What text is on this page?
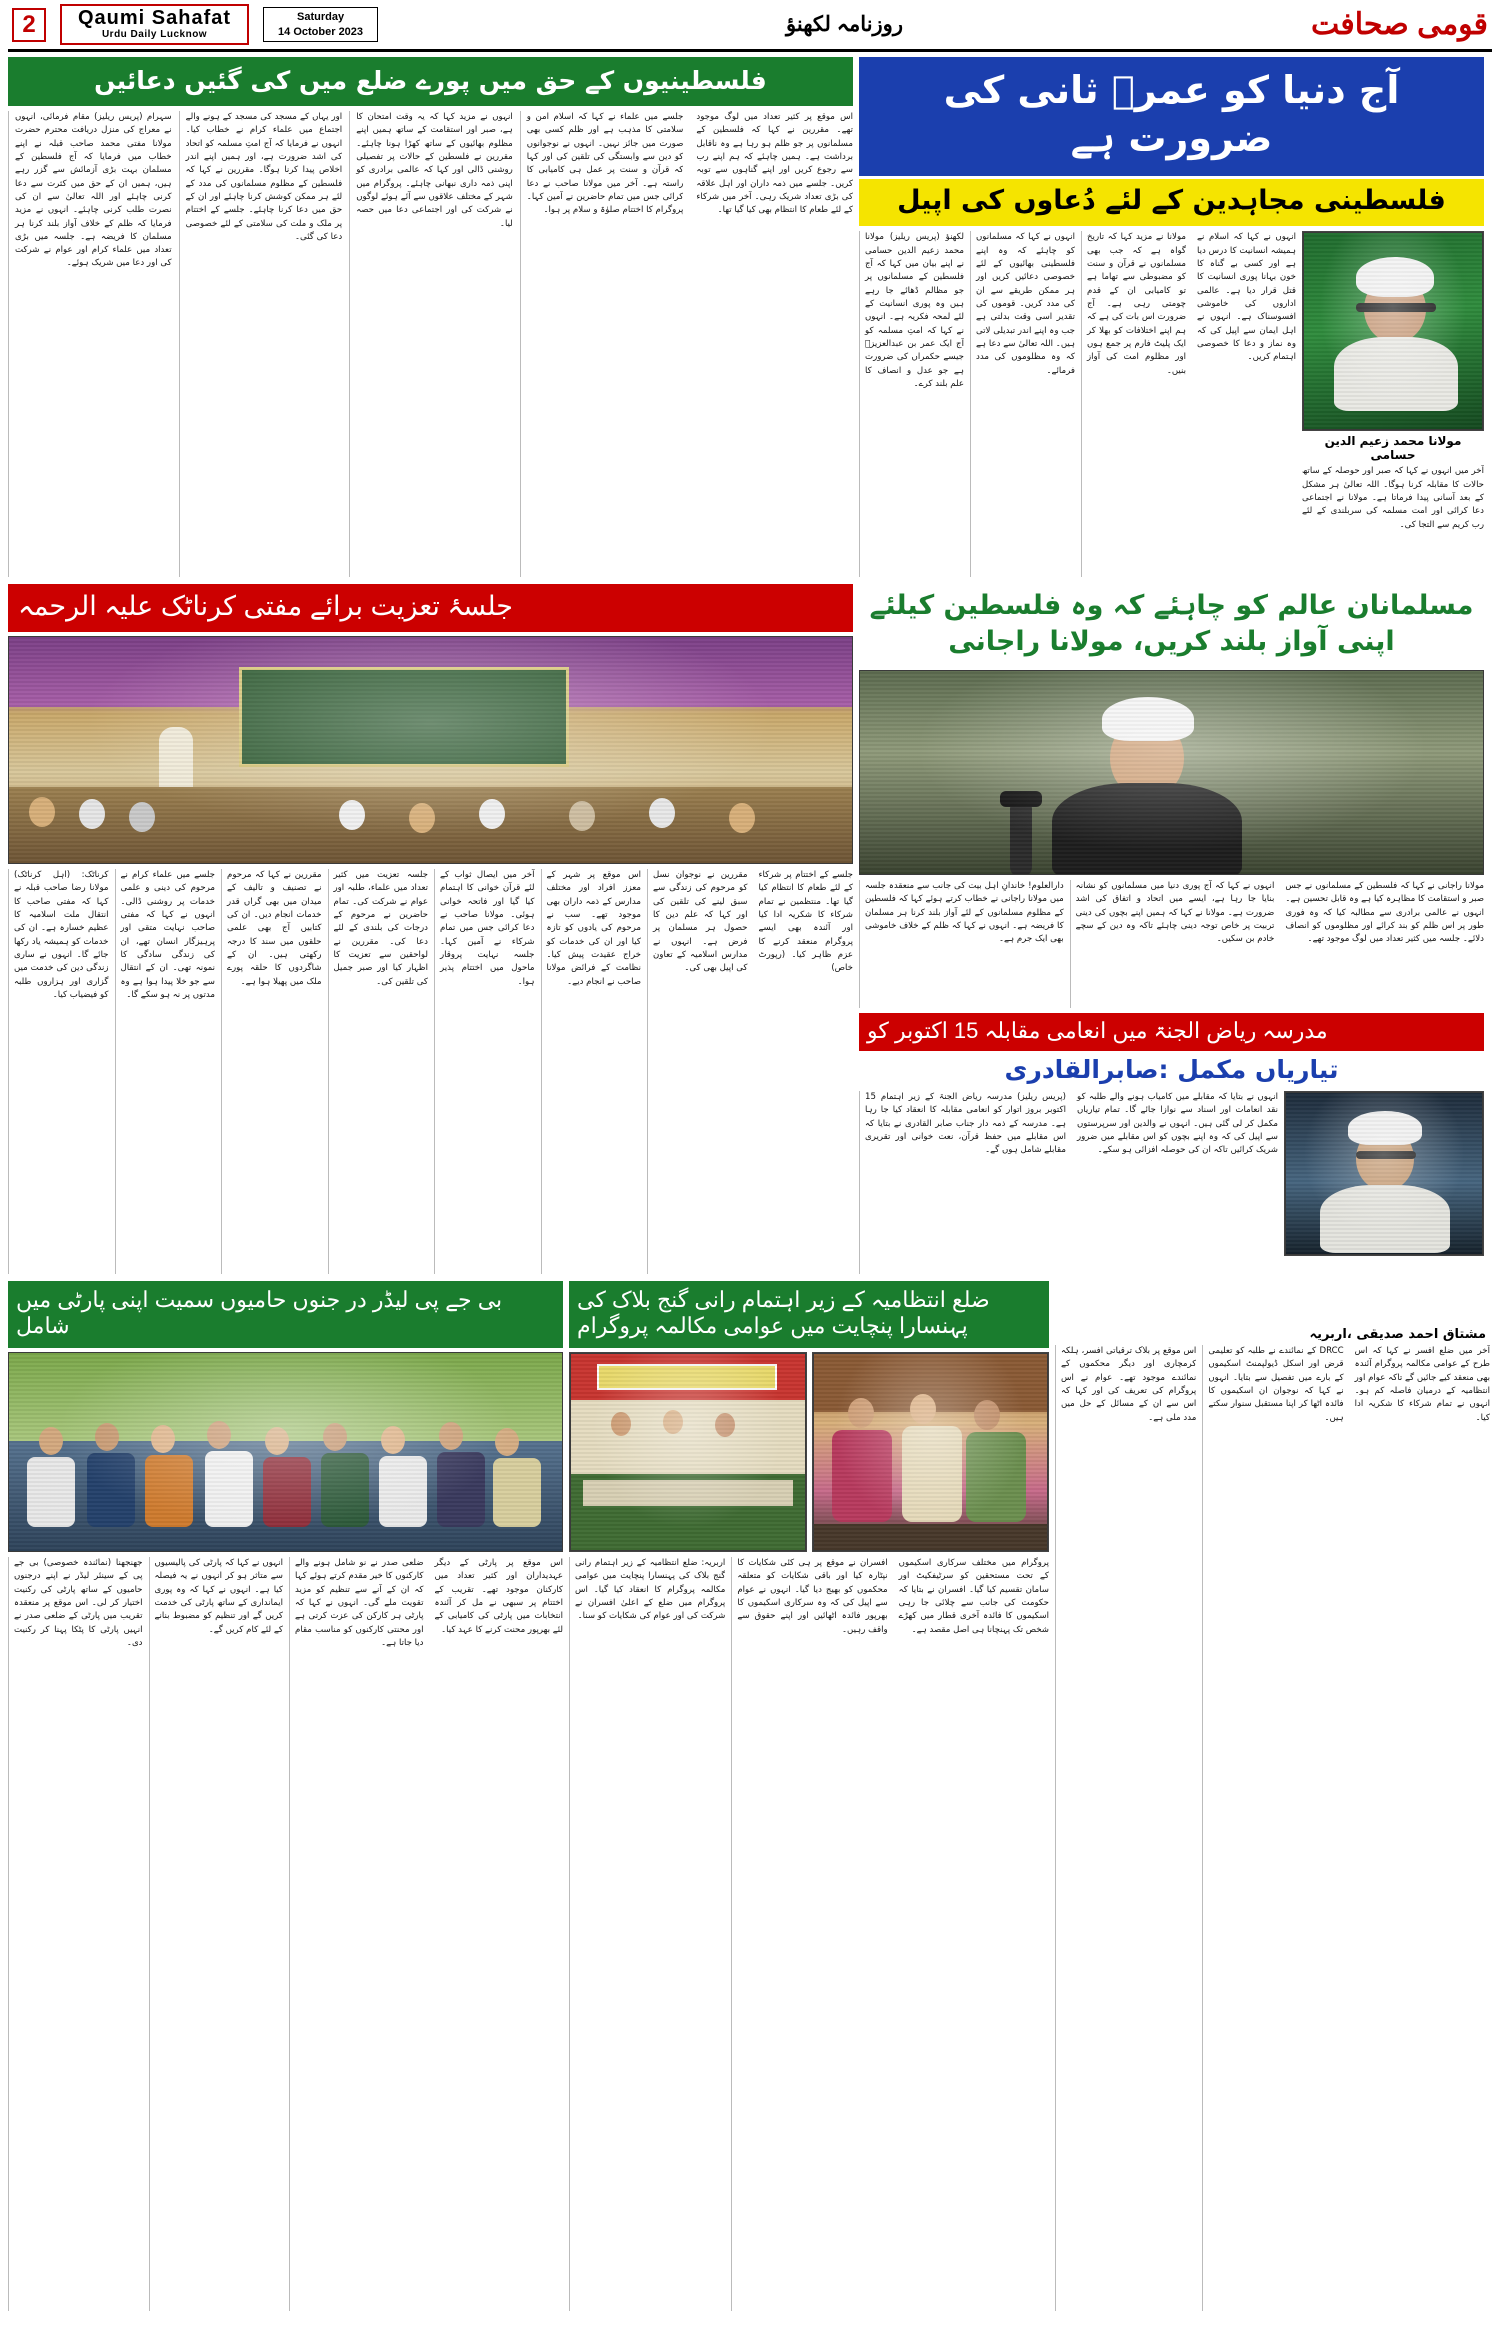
2	Qaumi Sahafat
Urdu Daily Lucknow
Saturday
14 October 2023	روزنامہ لکھنؤ	قومی صحافت
فلسطینیوں کے حق میں پورے ضلع میں کی گئیں دعائیں
سہرام (پریس ریلیز) مقام فرمائی، انہوں نے معراج کی منزل دریافت محترم حضرت مولانا مفتی محمد صاحب قبلہ نے اپنے خطاب میں فرمایا کہ آج فلسطین کے مسلمان بہت بڑی آزمائش سے گزر رہے ہیں، ہمیں ان کے حق میں کثرت سے دعا کرنی چاہئے اور اللہ تعالیٰ سے ان کی نصرت طلب کرنی چاہئے۔ انہوں نے مزید فرمایا کہ ظلم کے خلاف آواز بلند کرنا ہر مسلمان کا فریضہ ہے۔ جلسہ میں بڑی تعداد میں علماء کرام اور عوام نے شرکت کی اور دعا میں شریک ہوئے۔
اور یہاں کے مسجد کی مسجد کے ہونے والے اجتماع میں علماء کرام نے خطاب کیا۔ انہوں نے فرمایا کہ آج امتِ مسلمہ کو اتحاد کی اشد ضرورت ہے، اور ہمیں اپنے اندر اخلاص پیدا کرنا ہوگا۔ مقررین نے کہا کہ فلسطین کے مظلوم مسلمانوں کی مدد کے لئے ہر ممکن کوشش کرنا چاہئے اور ان کے حق میں دعا کرنا چاہئے۔ جلسے کے اختتام پر ملک و ملت کی سلامتی کے لئے خصوصی دعا کی گئی۔
انہوں نے مزید کہا کہ یہ وقت امتحان کا ہے، صبر اور استقامت کے ساتھ ہمیں اپنے مظلوم بھائیوں کے ساتھ کھڑا ہونا چاہئے۔ مقررین نے فلسطین کے حالات پر تفصیلی روشنی ڈالی اور کہا کہ عالمی برادری کو اپنی ذمہ داری نبھانی چاہئے۔ پروگرام میں شہر کے مختلف علاقوں سے آئے ہوئے لوگوں نے شرکت کی اور اجتماعی دعا میں حصہ لیا۔
جلسے میں علماء نے کہا کہ اسلام امن و سلامتی کا مذہب ہے اور ظلم کسی بھی صورت میں جائز نہیں۔ انہوں نے نوجوانوں کو دین سے وابستگی کی تلقین کی اور کہا کہ قرآن و سنت پر عمل ہی کامیابی کا راستہ ہے۔ آخر میں مولانا صاحب نے دعا کرائی جس میں تمام حاضرین نے آمین کہا۔ پروگرام کا اختتام صلوٰۃ و سلام پر ہوا۔
اس موقع پر کثیر تعداد میں لوگ موجود تھے۔ مقررین نے کہا کہ فلسطین کے مسلمانوں پر جو ظلم ہو رہا ہے وہ ناقابل برداشت ہے۔ ہمیں چاہئے کہ ہم اپنے رب سے رجوع کریں اور اپنے گناہوں سے توبہ کریں۔ جلسے میں ذمہ داران اور اہل علاقہ کی بڑی تعداد شریک رہی۔ آخر میں شرکاء کے لئے طعام کا انتظام بھی کیا گیا تھا۔
آج دنیا کو عمرؓ ثانی کی ضرورت ہے
فلسطینی مجاہدین کے لئے دُعاوں کی اپیل
لکھنؤ (پریس ریلیز) مولانا محمد زعیم الدین حسامی نے اپنے بیان میں کہا کہ آج فلسطین کے مسلمانوں پر جو مظالم ڈھائے جا رہے ہیں وہ پوری انسانیت کے لئے لمحہ فکریہ ہے۔ انہوں نے کہا کہ امتِ مسلمہ کو آج ایک عمر بن عبدالعزیزؒ جیسے حکمراں کی ضرورت ہے جو عدل و انصاف کا علم بلند کرے۔
انہوں نے کہا کہ مسلمانوں کو چاہئے کہ وہ اپنے فلسطینی بھائیوں کے لئے خصوصی دعائیں کریں اور ہر ممکن طریقے سے ان کی مدد کریں۔ قوموں کی تقدیر اسی وقت بدلتی ہے جب وہ اپنے اندر تبدیلی لاتی ہیں۔ اللہ تعالیٰ سے دعا ہے کہ وہ مظلوموں کی مدد فرمائے۔
مولانا نے مزید کہا کہ تاریخ گواہ ہے کہ جب بھی مسلمانوں نے قرآن و سنت کو مضبوطی سے تھاما ہے تو کامیابی ان کے قدم چومتی رہی ہے۔ آج ضرورت اس بات کی ہے کہ ہم اپنے اختلافات کو بھلا کر ایک پلیٹ فارم پر جمع ہوں اور مظلوم امت کی آواز بنیں۔
انہوں نے کہا کہ اسلام نے ہمیشہ انسانیت کا درس دیا ہے اور کسی بے گناہ کا خون بہانا پوری انسانیت کا قتل قرار دیا ہے۔ عالمی اداروں کی خاموشی افسوسناک ہے۔ انہوں نے اہل ایمان سے اپیل کی کہ وہ نماز و دعا کا خصوصی اہتمام کریں۔
مولانا محمد زعیم الدین حسامی
آخر میں انہوں نے کہا کہ صبر اور حوصلہ کے ساتھ حالات کا مقابلہ کرنا ہوگا۔ اللہ تعالیٰ ہر مشکل کے بعد آسانی پیدا فرماتا ہے۔ مولانا نے اجتماعی دعا کرائی اور امت مسلمہ کی سربلندی کے لئے رب کریم سے التجا کی۔
جلسۂ تعزیت برائے مفتی کرناٹک علیہ الرحمہ
کرناٹک: (اہل کرناٹک) مولانا رضا صاحب قبلہ نے کہا کہ مفتی صاحب کا انتقال ملت اسلامیہ کا عظیم خسارہ ہے۔ ان کی خدمات کو ہمیشہ یاد رکھا جائے گا۔ انہوں نے ساری زندگی دین کی خدمت میں گزاری اور ہزاروں طلبہ کو فیضیاب کیا۔
جلسے میں علماء کرام نے مرحوم کی دینی و علمی خدمات پر روشنی ڈالی۔ انہوں نے کہا کہ مفتی صاحب نہایت متقی اور پرہیزگار انسان تھے، ان کی زندگی سادگی کا نمونہ تھی۔ ان کے انتقال سے جو خلا پیدا ہوا ہے وہ مدتوں پر نہ ہو سکے گا۔
مقررین نے کہا کہ مرحوم نے تصنیف و تالیف کے میدان میں بھی گراں قدر خدمات انجام دیں۔ ان کی کتابیں آج بھی علمی حلقوں میں سند کا درجہ رکھتی ہیں۔ ان کے شاگردوں کا حلقہ پورے ملک میں پھیلا ہوا ہے۔
جلسہ تعزیت میں کثیر تعداد میں علماء، طلبہ اور عوام نے شرکت کی۔ تمام حاضرین نے مرحوم کے درجات کی بلندی کے لئے دعا کی۔ مقررین نے لواحقین سے تعزیت کا اظہار کیا اور صبر جمیل کی تلقین کی۔
آخر میں ایصال ثواب کے لئے قرآن خوانی کا اہتمام کیا گیا اور فاتحہ خوانی ہوئی۔ مولانا صاحب نے دعا کرائی جس میں تمام شرکاء نے آمین کہا۔ جلسہ نہایت پروقار ماحول میں اختتام پذیر ہوا۔
اس موقع پر شہر کے معزز افراد اور مختلف مدارس کے ذمہ داران بھی موجود تھے۔ سب نے مرحوم کی یادوں کو تازہ کیا اور ان کی خدمات کو خراج عقیدت پیش کیا۔ نظامت کے فرائض مولانا صاحب نے انجام دیے۔
مقررین نے نوجوان نسل کو مرحوم کی زندگی سے سبق لینے کی تلقین کی اور کہا کہ علم دین کا حصول ہر مسلمان پر فرض ہے۔ انہوں نے مدارس اسلامیہ کے تعاون کی اپیل بھی کی۔
جلسے کے اختتام پر شرکاء کے لئے طعام کا انتظام کیا گیا تھا۔ منتظمین نے تمام شرکاء کا شکریہ ادا کیا اور آئندہ بھی ایسے پروگرام منعقد کرنے کا عزم ظاہر کیا۔ (رپورٹ خاص)
مسلمانان عالم کو چاہئے کہ وہ فلسطین کیلئے اپنی آواز بلند کریں، مولانا راجانی
دارالعلوم! خاندانِ اہل بیت کی جانب سے منعقدہ جلسہ میں مولانا راجانی نے خطاب کرتے ہوئے کہا کہ فلسطین کے مظلوم مسلمانوں کے لئے آواز بلند کرنا ہر مسلمان کا فریضہ ہے۔ انہوں نے کہا کہ ظلم کے خلاف خاموشی بھی ایک جرم ہے۔
انہوں نے کہا کہ آج پوری دنیا میں مسلمانوں کو نشانہ بنایا جا رہا ہے، ایسے میں اتحاد و اتفاق کی اشد ضرورت ہے۔ مولانا نے کہا کہ ہمیں اپنے بچوں کی دینی تربیت پر خاص توجہ دینی چاہئے تاکہ وہ دین کے سچے خادم بن سکیں۔
مولانا راجانی نے کہا کہ فلسطین کے مسلمانوں نے جس صبر و استقامت کا مظاہرہ کیا ہے وہ قابل تحسین ہے۔ انہوں نے عالمی برادری سے مطالبہ کیا کہ وہ فوری طور پر اس ظلم کو بند کرائے اور مظلوموں کو انصاف دلائے۔ جلسہ میں کثیر تعداد میں لوگ موجود تھے۔
مدرسہ ریاض الجنۃ میں انعامی مقابلہ 15 اکتوبر کو
تیاریاں مکمل :صابرالقادری
(پریس ریلیز) مدرسہ ریاض الجنۃ کے زیر اہتمام 15 اکتوبر بروز اتوار کو انعامی مقابلہ کا انعقاد کیا جا رہا ہے۔ مدرسہ کے ذمہ دار جناب صابر القادری نے بتایا کہ اس مقابلے میں حفظ قرآن، نعت خوانی اور تقریری مقابلے شامل ہوں گے۔
انہوں نے بتایا کہ مقابلے میں کامیاب ہونے والے طلبہ کو نقد انعامات اور اسناد سے نوازا جائے گا۔ تمام تیاریاں مکمل کر لی گئی ہیں۔ انہوں نے والدین اور سرپرستوں سے اپیل کی کہ وہ اپنے بچوں کو اس مقابلے میں ضرور شریک کرائیں تاکہ ان کی حوصلہ افزائی ہو سکے۔
بی جے پی لیڈر در جنوں حامیوں سمیت اپنی پارٹی میں شامل
جھنجھنا (نمائندہ خصوصی) بی جے پی کے سینئر لیڈر نے اپنے درجنوں حامیوں کے ساتھ پارٹی کی رکنیت اختیار کر لی۔ اس موقع پر منعقدہ تقریب میں پارٹی کے ضلعی صدر نے انہیں پارٹی کا پٹکا پہنا کر رکنیت دی۔
انہوں نے کہا کہ پارٹی کی پالیسیوں سے متاثر ہو کر انہوں نے یہ فیصلہ کیا ہے۔ انہوں نے کہا کہ وہ پوری ایمانداری کے ساتھ پارٹی کی خدمت کریں گے اور تنظیم کو مضبوط بنانے کے لئے کام کریں گے۔
ضلعی صدر نے نو شامل ہونے والے کارکنوں کا خیر مقدم کرتے ہوئے کہا کہ ان کے آنے سے تنظیم کو مزید تقویت ملے گی۔ انہوں نے کہا کہ پارٹی ہر کارکن کی عزت کرتی ہے اور محنتی کارکنوں کو مناسب مقام دیا جاتا ہے۔
اس موقع پر پارٹی کے دیگر عہدیداران اور کثیر تعداد میں کارکنان موجود تھے۔ تقریب کے اختتام پر سبھی نے مل کر آئندہ انتخابات میں پارٹی کی کامیابی کے لئے بھرپور محنت کرنے کا عہد کیا۔
ضلع انتظامیہ کے زیر اہتمام رانی گنج بلاک کی پہنسارا پنچایت میں عوامی مکالمہ پروگرام
اربریہ: ضلع انتظامیہ کے زیر اہتمام رانی گنج بلاک کی پہنسارا پنچایت میں عوامی مکالمہ پروگرام کا انعقاد کیا گیا۔ اس پروگرام میں ضلع کے اعلیٰ افسران نے شرکت کی اور عوام کی شکایات کو سنا۔
افسران نے موقع پر ہی کئی شکایات کا نپٹارہ کیا اور باقی شکایات کو متعلقہ محکموں کو بھیج دیا گیا۔ انہوں نے عوام سے اپیل کی کہ وہ سرکاری اسکیموں کا بھرپور فائدہ اٹھائیں اور اپنے حقوق سے واقف رہیں۔
پروگرام میں مختلف سرکاری اسکیموں کے تحت مستحقین کو سرٹیفکیٹ اور سامان تقسیم کیا گیا۔ افسران نے بتایا کہ حکومت کی جانب سے چلائی جا رہی اسکیموں کا فائدہ آخری قطار میں کھڑے شخص تک پہنچانا ہی اصل مقصد ہے۔
مشتاق احمد صدیقی ،اربریہ
اس موقع پر بلاک ترقیاتی افسر، ہلکہ کرمچاری اور دیگر محکموں کے نمائندے موجود تھے۔ عوام نے اس پروگرام کی تعریف کی اور کہا کہ اس سے ان کے مسائل کے حل میں مدد ملی ہے۔
DRCC کے نمائندے نے طلبہ کو تعلیمی قرض اور اسکل ڈیولپمنٹ اسکیموں کے بارے میں تفصیل سے بتایا۔ انہوں نے کہا کہ نوجوان ان اسکیموں کا فائدہ اٹھا کر اپنا مستقبل سنوار سکتے ہیں۔
آخر میں ضلع افسر نے کہا کہ اس طرح کے عوامی مکالمہ پروگرام آئندہ بھی منعقد کیے جائیں گے تاکہ عوام اور انتظامیہ کے درمیان فاصلہ کم ہو۔ انہوں نے تمام شرکاء کا شکریہ ادا کیا۔
